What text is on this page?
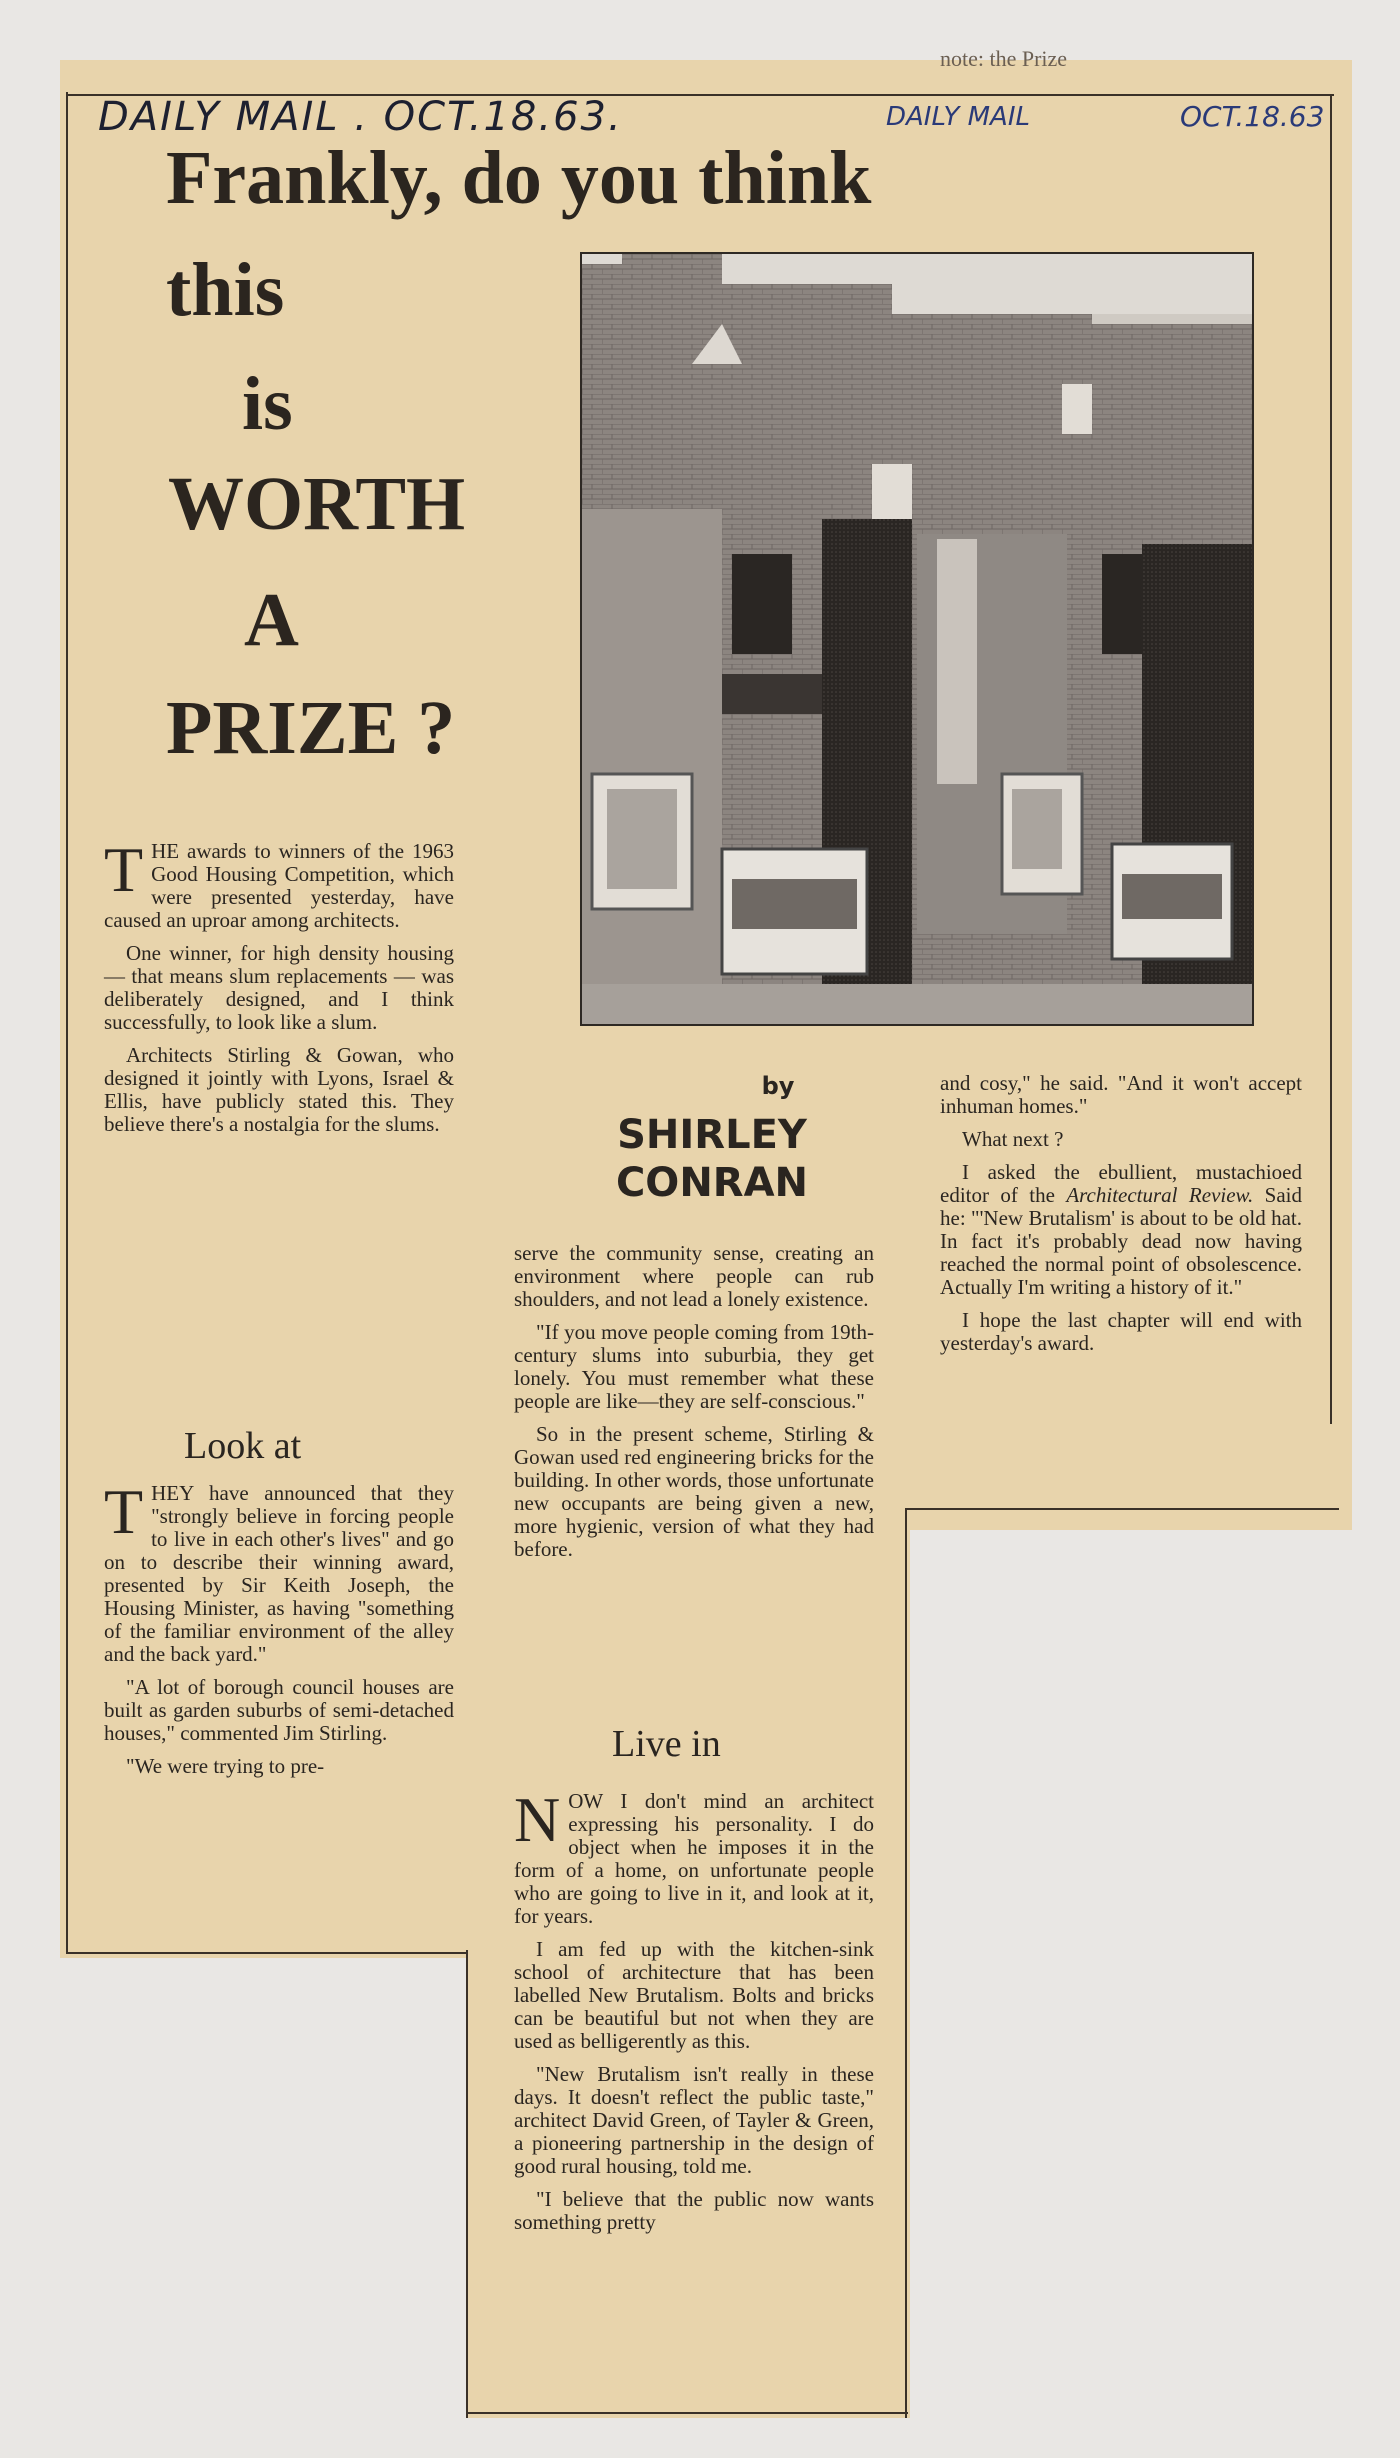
note: the Prize
DAILY MAIL . OCT.18.63.	DAILY MAIL	OCT.18.63
Frankly, do you think
this
is
WORTH
A
PRIZE ?
by
SHIRLEY
CONRAN

THE awards to winners of the 1963 Good Housing Competition, which were presented yesterday, have caused an uproar among architects.

One winner, for high density housing — that means slum replacements — was deliberately designed, and I think successfully, to look like a slum.

Architects Stirling & Gowan, who designed it jointly with Lyons, Israel & Ellis, have publicly stated this. They believe there's a nostalgia for the slums.

Look at

THEY have announced that they "strongly believe in forcing people to live in each other's lives" and go on to describe their winning award, presented by Sir Keith Joseph, the Housing Minister, as having "something of the familiar environment of the alley and the back yard."

"A lot of borough council houses are built as garden suburbs of semi-detached houses," commented Jim Stirling.

"We were trying to pre-

serve the community sense, creating an environment where people can rub shoulders, and not lead a lonely existence.

"If you move people coming from 19th-century slums into suburbia, they get lonely. You must remember what these people are like—they are self-conscious."

So in the present scheme, Stirling & Gowan used red engineering bricks for the building. In other words, those unfortunate new occupants are being given a new, more hygienic, version of what they had before.

Live in

NOW I don't mind an architect expressing his personality. I do object when he imposes it in the form of a home, on unfortunate people who are going to live in it, and look at it, for years.

I am fed up with the kitchen-sink school of architecture that has been labelled New Brutalism. Bolts and bricks can be beautiful but not when they are used as belligerently as this.

"New Brutalism isn't really in these days. It doesn't reflect the public taste," architect David Green, of Tayler & Green, a pioneering partnership in the design of good rural housing, told me.

"I believe that the public now wants something pretty

and cosy," he said. "And it won't accept inhuman homes."

What next ?

I asked the ebullient, mustachioed editor of the Architectural Review. Said he: "'New Brutalism' is about to be old hat. In fact it's probably dead now having reached the normal point of obsolescence. Actually I'm writing a history of it."

I hope the last chapter will end with yesterday's award.
